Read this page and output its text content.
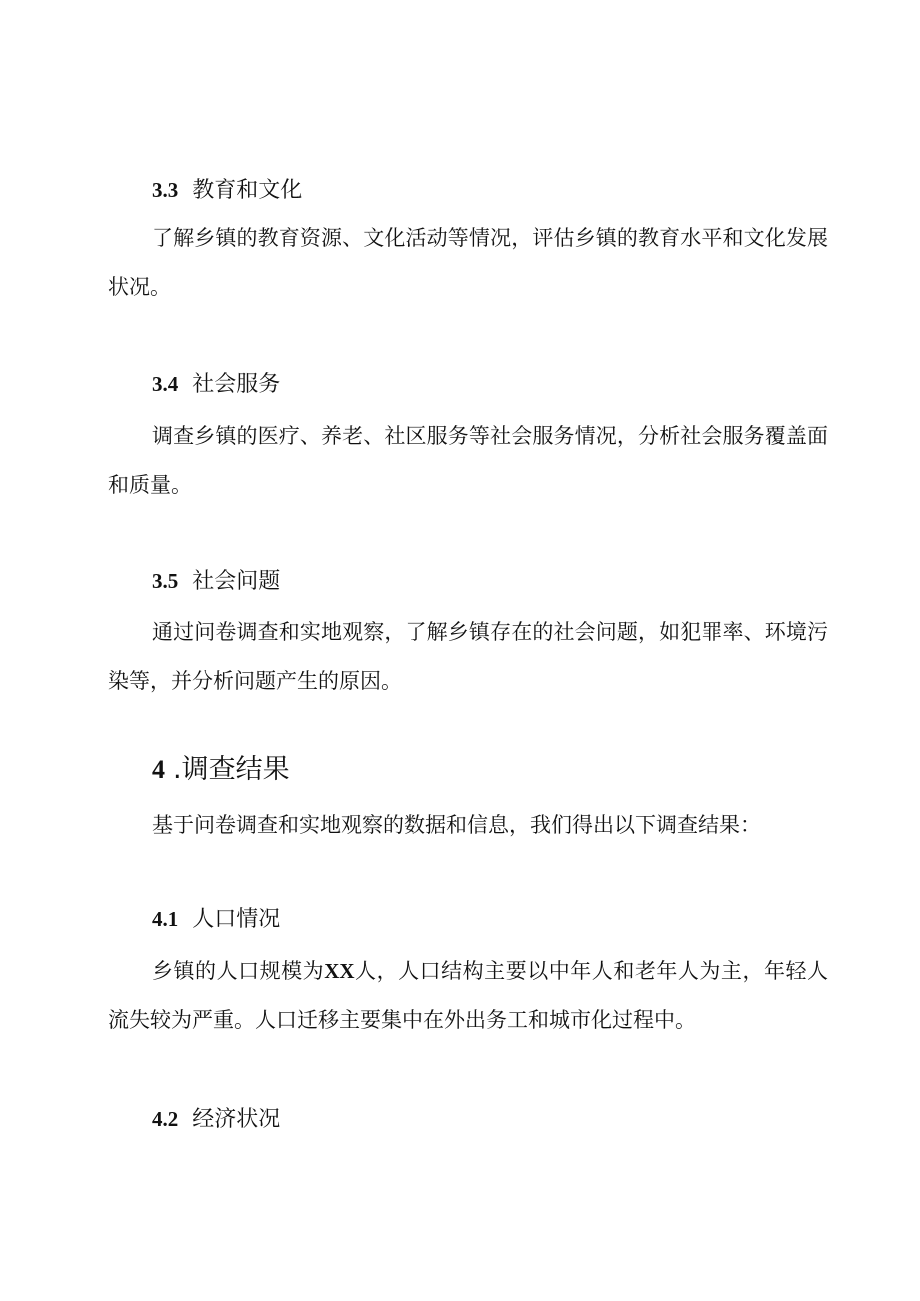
3.3 教育和文化

了解乡镇的教育资源、文化活动等情况，评估乡镇的教育水平和文化发展状况。

3.4 社会服务

调查乡镇的医疗、养老、社区服务等社会服务情况，分析社会服务覆盖面和质量。

3.5 社会问题

通过问卷调查和实地观察，了解乡镇存在的社会问题，如犯罪率、环境污染等，并分析问题产生的原因。

4 .调查结果

基于问卷调查和实地观察的数据和信息，我们得出以下调查结果：

4.1 人口情况

乡镇的人口规模为XX人，人口结构主要以中年人和老年人为主，年轻人流失较为严重。人口迁移主要集中在外出务工和城市化过程中。

4.2 经济状况
